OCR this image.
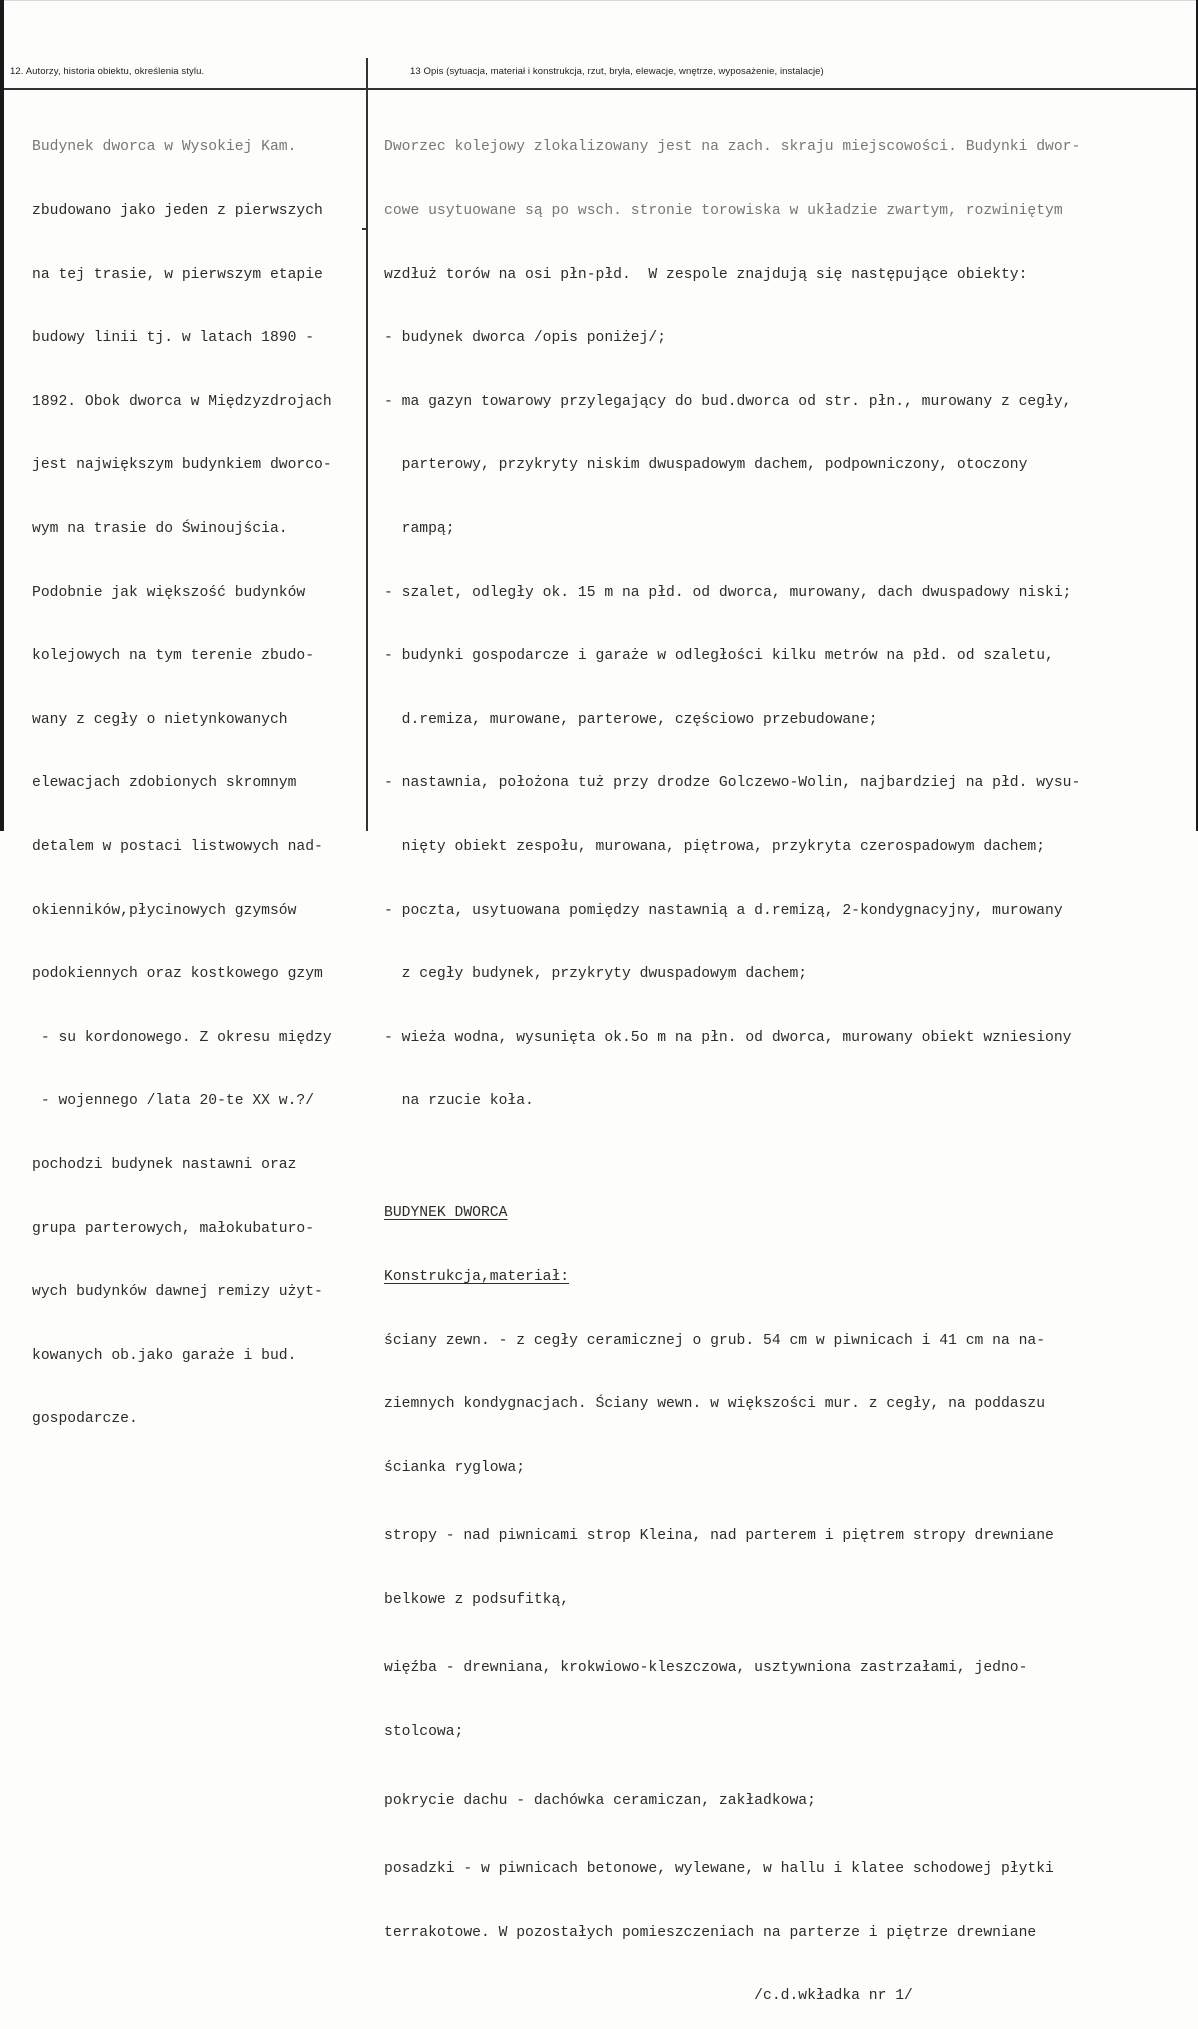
12. Autorzy, historia obiektu, określenia stylu.	13 Opis (sytuacja, materiał i konstrukcja, rzut, bryła, elewacje, wnętrze, wyposażenie, instalacje)

Budynek dworca w Wysokiej Kam.

zbudowano jako jeden z pierwszych

na tej trasie, w pierwszym etapie

budowy linii tj. w latach 1890 -

1892. Obok dworca w Międzyzdrojach

jest największym budynkiem dworco-

wym na trasie do Świnoujścia.

Podobnie jak większość budynków

kolejowych na tym terenie zbudo-

wany z cegły o nietynkowanych

elewacjach zdobionych skromnym

detalem w postaci listwowych nad-

okienników,płycinowych gzymsów

podokiennych oraz kostkowego gzym

- su kordonowego. Z okresu między

- wojennego /lata 20-te XX w.?/

pochodzi budynek nastawni oraz

grupa parterowych, małokubaturo-

wych budynków dawnej remizy użyt-

kowanych ob.jako garaże i bud.

gospodarcze.

Dworzec kolejowy zlokalizowany jest na zach. skraju miejscowości. Budynki dwor-

cowe usytuowane są po wsch. stronie torowiska w układzie zwartym, rozwiniętym

wzdłuż torów na osi płn-płd.  W zespole znajdują się następujące obiekty:

- budynek dworca /opis poniżej/;

- ma gazyn towarowy przylegający do bud.dworca od str. płn., murowany z cegły,

parterowy, przykryty niskim dwuspadowym dachem, podpowniczony, otoczony

rampą;

- szalet, odległy ok. 15 m na płd. od dworca, murowany, dach dwuspadowy niski;

- budynki gospodarcze i garaże w odległości kilku metrów na płd. od szaletu,

d.remiza, murowane, parterowe, częściowo przebudowane;

- nastawnia, położona tuż przy drodze Golczewo-Wolin, najbardziej na płd. wysu-

nięty obiekt zespołu, murowana, piętrowa, przykryta czerospadowym dachem;

- poczta, usytuowana pomiędzy nastawnią a d.remizą, 2-kondygnacyjny, murowany

z cegły budynek, przykryty dwuspadowym dachem;

- wieża wodna, wysunięta ok.5o m na płn. od dworca, murowany obiekt wzniesiony

na rzucie koła.

BUDYNEK DWORCA

Konstrukcja,materiał:

ściany zewn. - z cegły ceramicznej o grub. 54 cm w piwnicach i 41 cm na na-

ziemnych kondygnacjach. Ściany wewn. w większości mur. z cegły, na poddaszu

ścianka ryglowa;

stropy - nad piwnicami strop Kleina, nad parterem i piętrem stropy drewniane

belkowe z podsufitką,

więźba - drewniana, krokwiowo-kleszczowa, usztywniona zastrzałami, jedno-

stolcowa;

pokrycie dachu - dachówka ceramiczan, zakładkowa;

posadzki - w piwnicach betonowe, wylewane, w hallu i klatee schodowej płytki

terrakotowe. W pozostałych pomieszczeniach na parterze i piętrze drewniane

/c.d.wkładka nr 1/
